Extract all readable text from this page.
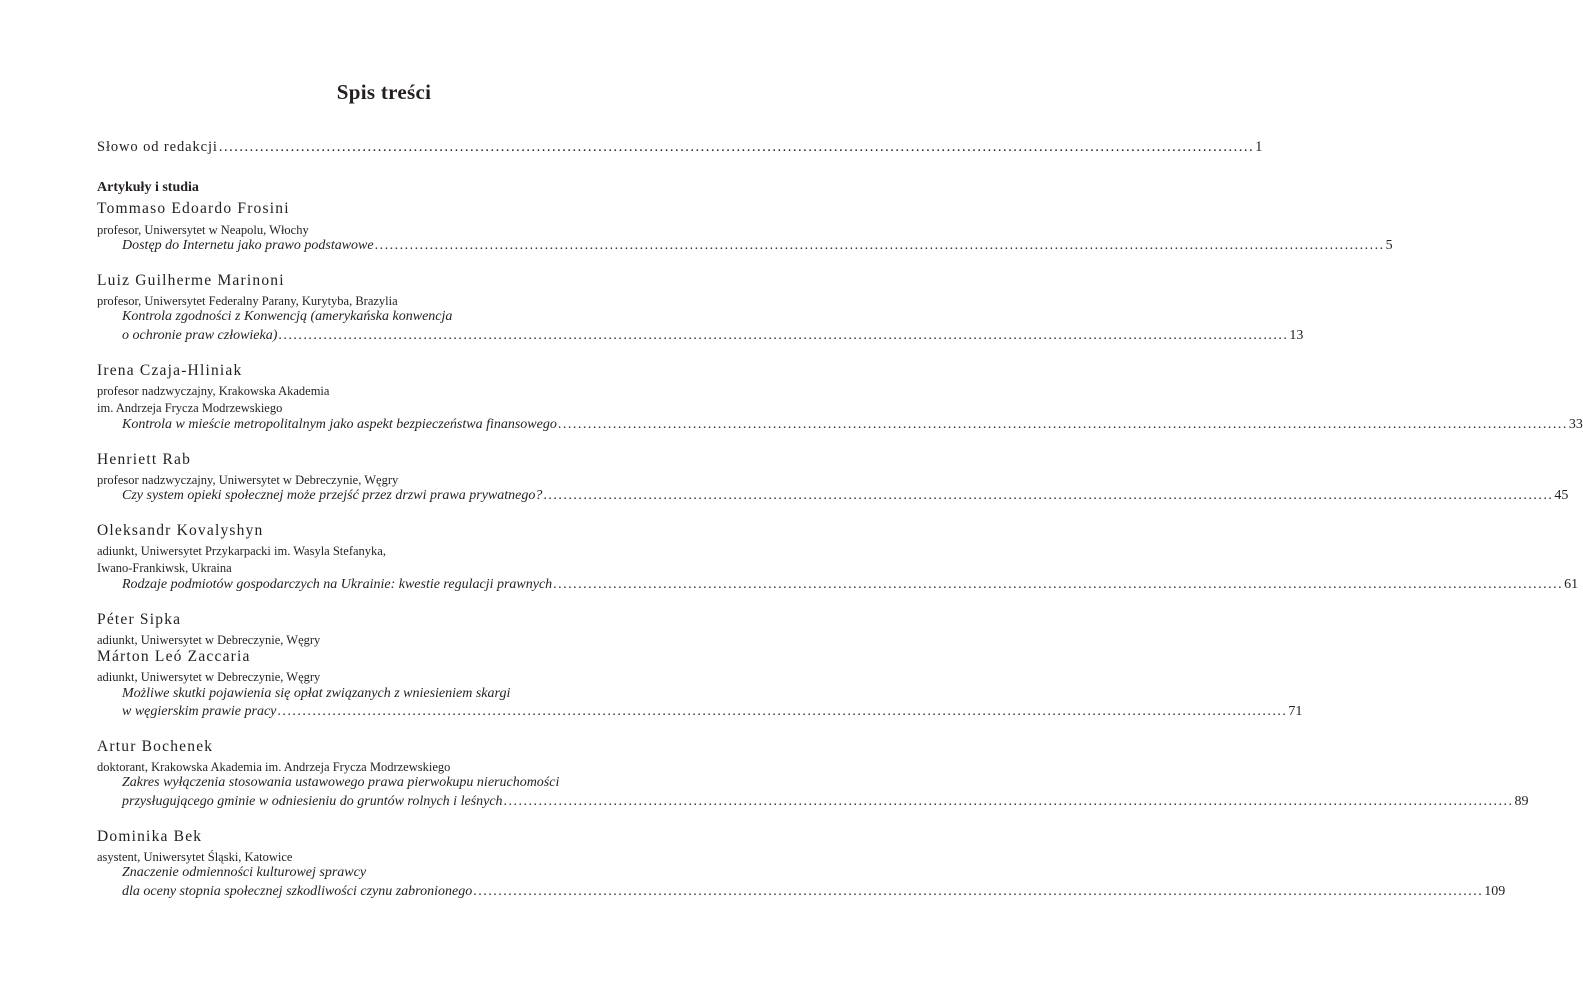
Spis treści
Słowo od redakcji .......................................................................................................................................................................................................... 1
Artykuły i studia
Tommaso Edoardo Frosini
profesor, Uniwersytet w Neapolu, Włochy
Dostęp do Internetu jako prawo podstawowe .......................................................................................................................................................................................................... 5
Luiz Guilherme Marinoni
profesor, Uniwersytet Federalny Parany, Kurytyba, Brazylia
Kontrola zgodności z Konwencją (amerykańska konwencja
o ochronie praw człowieka) .......................................................................................................................................................................................................... 13
Irena Czaja-Hliniak
profesor nadzwyczajny, Krakowska Akademia
im. Andrzeja Frycza Modrzewskiego
Kontrola w mieście metropolitalnym jako aspekt bezpieczeństwa finansowego .......................................................................................................................................................................................................... 33
Henriett Rab
profesor nadzwyczajny, Uniwersytet w Debreczynie, Węgry
Czy system opieki społecznej może przejść przez drzwi prawa prywatnego? .......................................................................................................................................................................................................... 45
Oleksandr Kovalyshyn
adiunkt, Uniwersytet Przykarpacki im. Wasyla Stefanyka,
Iwano-Frankiwsk, Ukraina
Rodzaje podmiotów gospodarczych na Ukrainie: kwestie regulacji prawnych .......................................................................................................................................................................................................... 61
Péter Sipka
adiunkt, Uniwersytet w Debreczynie, Węgry
Márton Leó Zaccaria
adiunkt, Uniwersytet w Debreczynie, Węgry
Możliwe skutki pojawienia się opłat związanych z wniesieniem skargi
w węgierskim prawie pracy .......................................................................................................................................................................................................... 71
Artur Bochenek
doktorant, Krakowska Akademia im. Andrzeja Frycza Modrzewskiego
Zakres wyłączenia stosowania ustawowego prawa pierwokupu nieruchomości
przysługującego gminie w odniesieniu do gruntów rolnych i leśnych .......................................................................................................................................................................................................... 89
Dominika Bek
asystent, Uniwersytet Śląski, Katowice
Znaczenie odmienności kulturowej sprawcy
dla oceny stopnia społecznej szkodliwości czynu zabronionego .......................................................................................................................................................................................................... 109
